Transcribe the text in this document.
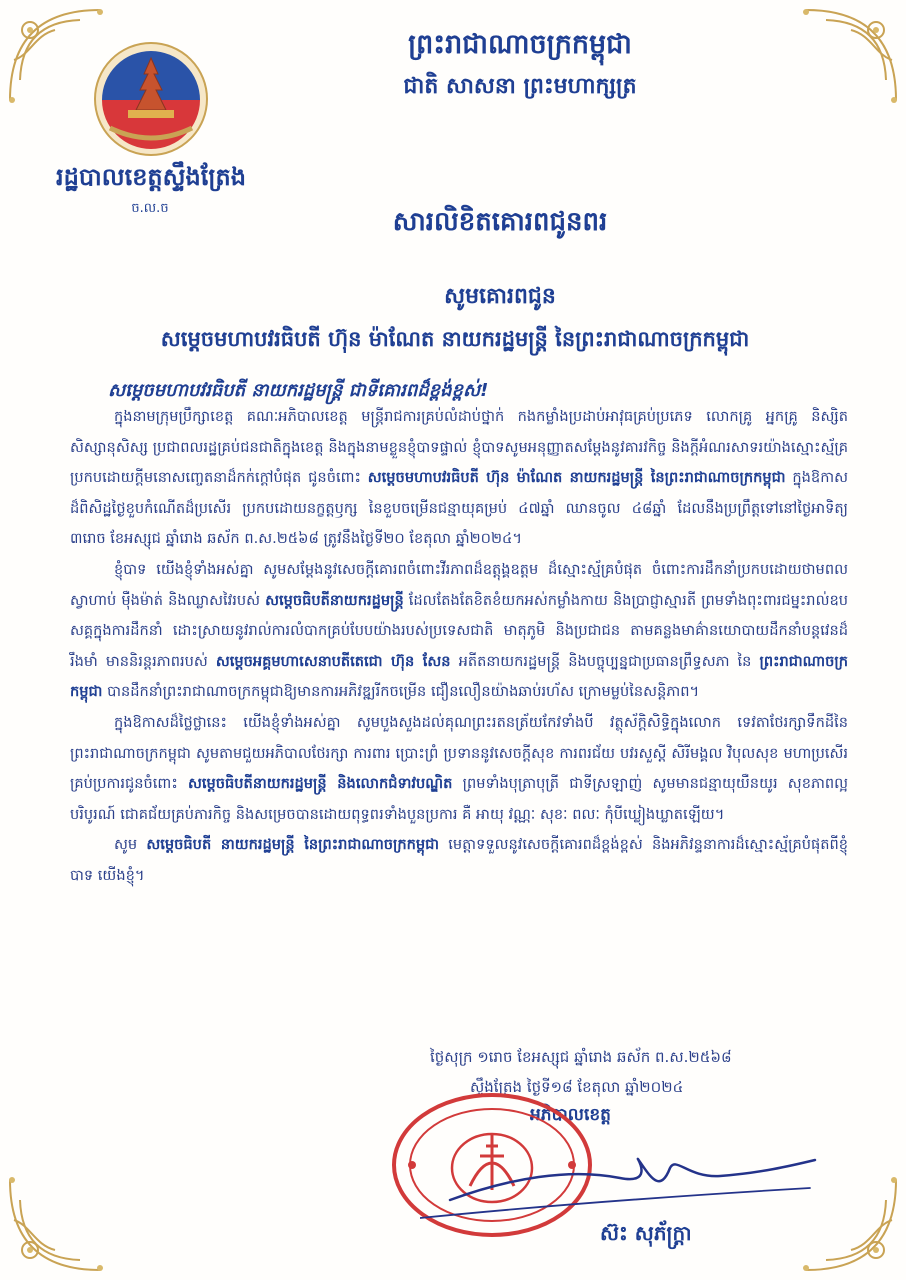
រដ្ឋបាលខេត្តស្ទឹងត្រែង
ច.ល.ច
ព្រះរាជាណាចក្រកម្ពុជា
ជាតិ សាសនា ព្រះមហាក្សត្រ
សារលិខិតគោរពជូនពរ
សូមគោរពជូន
សម្តេចមហាបវរធិបតី ហ៊ុន ម៉ាណែត នាយករដ្ឋមន្ត្រី នៃព្រះរាជាណាចក្រកម្ពុជា
សម្តេចមហាបវរធិបតី នាយករដ្ឋមន្ត្រី ជាទីគោរពដ៏ខ្ពង់ខ្ពស់!

ក្នុងនាមក្រុមប្រឹក្សាខេត្ត គណៈអភិបាលខេត្ត មន្ត្រីរាជការគ្រប់លំដាប់ថ្នាក់ កងកម្លាំងប្រដាប់អាវុធគ្រប់ប្រភេទ លោកគ្រូ អ្នកគ្រូ និស្សិត សិស្សានុសិស្ស ប្រជាពលរដ្ឋគ្រប់ជនជាតិក្នុងខេត្ត និងក្នុងនាមខ្លួនខ្ញុំបាទផ្ទាល់ ខ្ញុំបាទសូមអនុញ្ញាតសម្តែងនូវគារវកិច្ច និងក្តីអំណរសាទរយ៉ាងស្មោះស្ម័គ្រ ប្រកបដោយក្តីមនោសញ្ចេតនាដ៏កក់ក្តៅបំផុត ជូនចំពោះ សម្តេចមហាបវរធិបតី ហ៊ុន ម៉ាណែត នាយករដ្ឋមន្ត្រី នៃព្រះរាជាណាចក្រកម្ពុជា ក្នុងឱកាសដ៏ពិសិដ្ឋថ្ងៃខួបកំណើតដ៏ប្រសើរ ប្រកបដោយនក្ខត្តឫក្ស នៃខួបចម្រើនជន្មាយុគម្រប់ ៤៧ឆ្នាំ ឈានចូល ៤៨ឆ្នាំ ដែលនឹងប្រព្រឹត្តទៅនៅថ្ងៃអាទិត្យ ៣រោច ខែអស្សុជ ឆ្នាំរោង ឆស័ក ព.ស.២៥៦៨ ត្រូវនឹងថ្ងៃទី២០ ខែតុលា ឆ្នាំ២០២៤។

ខ្ញុំបាទ យើងខ្ញុំទាំងអស់គ្នា សូមសម្តែងនូវសេចក្តីគោរពចំពោះវីរភាពដ៏ឧត្តុង្គឧត្តម ដ៏ស្មោះស្ម័គ្របំផុត ចំពោះការដឹកនាំប្រកបដោយថាមពល ស្វាហាប់ ម៉ឺងម៉ាត់ និងឈ្លាសវៃរបស់ សម្តេចធិបតីនាយករដ្ឋមន្ត្រី ដែលតែងតែខិតខំយកអស់កម្លាំងកាយ និងប្រាជ្ញាស្មារតី ព្រមទាំងពុះពារជម្នះរាល់ឧបសគ្គក្នុងការដឹកនាំ ដោះស្រាយនូវរាល់ការលំបាកគ្រប់បែបយ៉ាងរបស់ប្រទេសជាតិ មាតុភូមិ និងប្រជាជន តាមគន្លងមាគ៌ានយោបាយដឹកនាំបន្តវេនដ៏រឹងមាំ មាននិរន្តរភាពរបស់ សម្តេចអគ្គមហាសេនាបតីតេជោ ហ៊ុន សែន អតីតនាយករដ្ឋមន្ត្រី និងបច្ចុប្បន្នជាប្រធានព្រឹទ្ធសភា នៃ ព្រះរាជាណាចក្រកម្ពុជា បានដឹកនាំព្រះរាជាណាចក្រកម្ពុជាឱ្យមានការអភិវឌ្ឍរីកចម្រើន ជឿនលឿនយ៉ាងឆាប់រហ័ស ក្រោមម្លប់នៃសន្តិភាព។

ក្នុងឱកាសដ៏ថ្លៃថ្លានេះ យើងខ្ញុំទាំងអស់គ្នា សូមបួងសួងដល់គុណព្រះរតនត្រ័យកែវទាំងបី វត្ថុស័ក្តិសិទ្ធិក្នុងលោក ទេវតាថែរក្សាទឹកដីនៃព្រះរាជាណាចក្រកម្ពុជា សូមតាមជួយអភិបាលថែរក្សា ការពារ ប្រោះព្រំ ប្រទាននូវសេចក្តីសុខ ការពរជ័យ បវរសួស្តី សិរីមង្គល វិបុលសុខ មហាប្រសើរគ្រប់ប្រការជូនចំពោះ សម្តេចធិបតីនាយករដ្ឋមន្ត្រី និងលោកជំទាវបណ្ឌិត ព្រមទាំងបុត្រាបុត្រី ជាទីស្រឡាញ់ សូមមានជន្មាយុយឺនយូរ សុខភាពល្អបរិបូរណ៍ ជោគជ័យគ្រប់ភារកិច្ច និងសម្រេចបានដោយពុទ្ធពរទាំងបួនប្រការ គឺ អាយុ វណ្ណៈ សុខៈ ពលៈ កុំបីឃ្លៀងឃ្លាតឡើយ។

សូម សម្តេចធិបតី នាយករដ្ឋមន្ត្រី នៃព្រះរាជាណាចក្រកម្ពុជា មេត្តាទទួលនូវសេចក្តីគោរពដ៏ខ្ពង់ខ្ពស់ និងអភិវន្ទនាការដ៏ស្មោះស្ម័គ្របំផុតពីខ្ញុំបាទ យើងខ្ញុំ។

ថ្ងៃសុក្រ ១រោច ខែអស្សុជ ឆ្នាំរោង ឆស័ក ព.ស.២៥៦៨
ស្ទឹងត្រែង ថ្ងៃទី១៨ ខែតុលា ឆ្នាំ២០២៤
អភិបាលខេត្ត
ស៊ះ សុភ័ក្ត្រា
